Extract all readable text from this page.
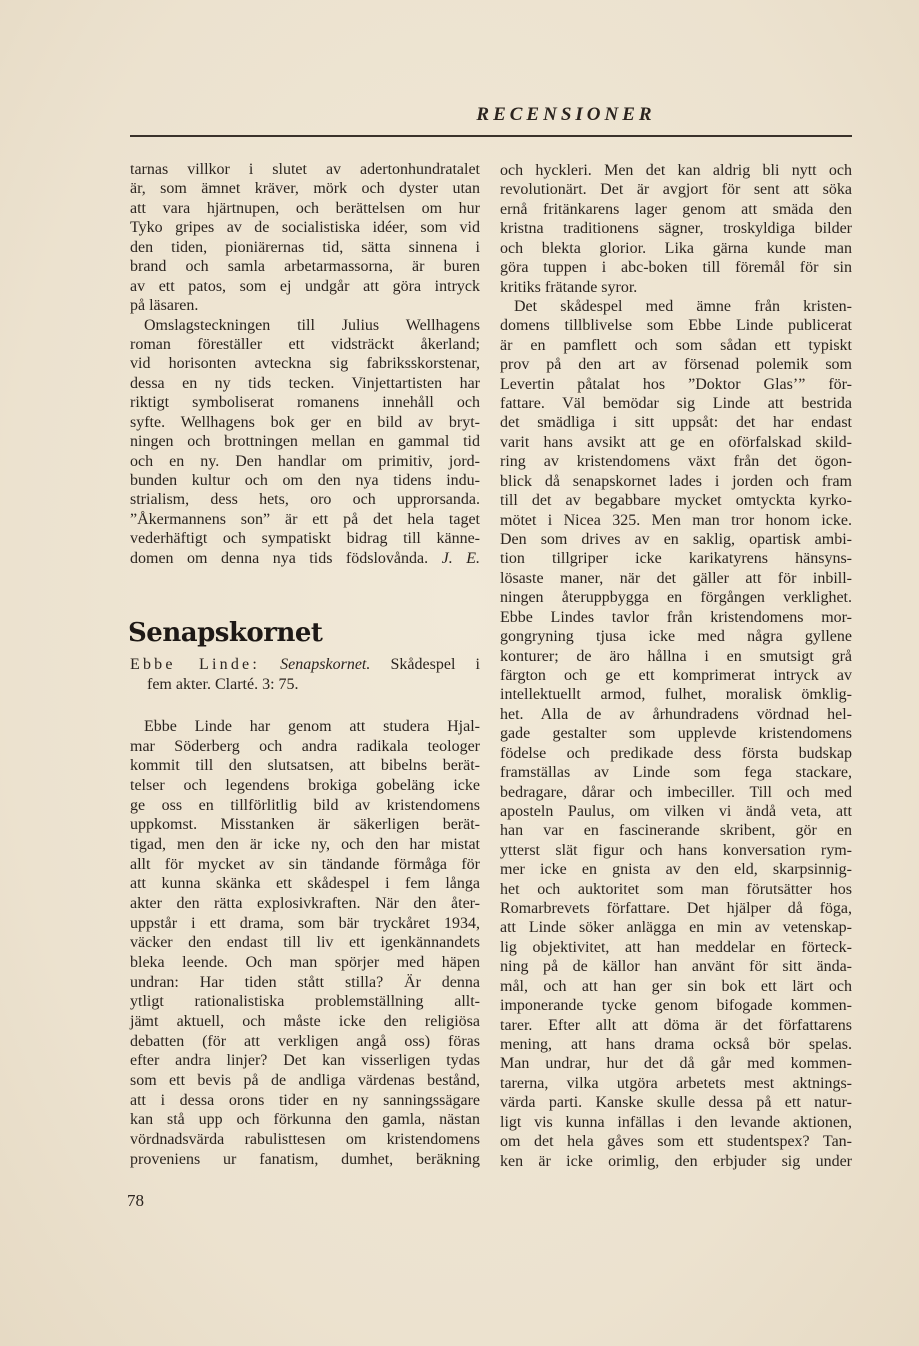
RECENSIONER
tarnas villkor i slutet av adertonhundratalet
är, som ämnet kräver, mörk och dyster utan
att vara hjärtnupen, och berättelsen om hur
Tyko gripes av de socialistiska idéer, som vid
den tiden, pioniärernas tid, sätta sinnena i
brand och samla arbetarmassorna, är buren
av ett patos, som ej undgår att göra intryck
på läsaren.
Omslagsteckningen till Julius Wellhagens
roman föreställer ett vidsträckt åkerland;
vid horisonten avteckna sig fabriksskorstenar,
dessa en ny tids tecken. Vinjettartisten har
riktigt symboliserat romanens innehåll och
syfte. Wellhagens bok ger en bild av bryt-
ningen och brottningen mellan en gammal tid
och en ny. Den handlar om primitiv, jord-
bunden kultur och om den nya tidens indu-
strialism, dess hets, oro och upprorsanda.
”Åkermannens son” är ett på det hela taget
vederhäftigt och sympatiskt bidrag till känne-
domen om denna nya tids födslovånda. J. E.
Senapskornet
Ebbe Linde: Senapskornet. Skådespel i
fem akter. Clarté. 3: 75.
Ebbe Linde har genom att studera Hjal-
mar Söderberg och andra radikala teologer
kommit till den slutsatsen, att bibelns berät-
telser och legendens brokiga gobeläng icke
ge oss en tillförlitlig bild av kristendomens
uppkomst. Misstanken är säkerligen berät-
tigad, men den är icke ny, och den har mistat
allt för mycket av sin tändande förmåga för
att kunna skänka ett skådespel i fem långa
akter den rätta explosivkraften. När den åter-
uppstår i ett drama, som bär tryckåret 1934,
väcker den endast till liv ett igenkännandets
bleka leende. Och man spörjer med häpen
undran: Har tiden stått stilla? Är denna
ytligt rationalistiska problemställning allt-
jämt aktuell, och måste icke den religiösa
debatten (för att verkligen angå oss) föras
efter andra linjer? Det kan visserligen tydas
som ett bevis på de andliga värdenas bestånd,
att i dessa orons tider en ny sanningssägare
kan stå upp och förkunna den gamla, nästan
vördnadsvärda rabulisttesen om kristendomens
proveniens ur fanatism, dumhet, beräkning
och hyckleri. Men det kan aldrig bli nytt och
revolutionärt. Det är avgjort för sent att söka
ernå fritänkarens lager genom att smäda den
kristna traditionens sägner, troskyldiga bilder
och blekta glorior. Lika gärna kunde man
göra tuppen i abc-boken till föremål för sin
kritiks frätande syror.
Det skådespel med ämne från kristen-
domens tillblivelse som Ebbe Linde publicerat
är en pamflett och som sådan ett typiskt
prov på den art av försenad polemik som
Levertin påtalat hos ”Doktor Glas’” för-
fattare. Väl bemödar sig Linde att bestrida
det smädliga i sitt uppsåt: det har endast
varit hans avsikt att ge en oförfalskad skild-
ring av kristendomens växt från det ögon-
blick då senapskornet lades i jorden och fram
till det av begabbare mycket omtyckta kyrko-
mötet i Nicea 325. Men man tror honom icke.
Den som drives av en saklig, opartisk ambi-
tion tillgriper icke karikatyrens hänsyns-
lösaste maner, när det gäller att för inbill-
ningen återuppbygga en förgången verklighet.
Ebbe Lindes tavlor från kristendomens mor-
gongryning tjusa icke med några gyllene
konturer; de äro hållna i en smutsigt grå
färgton och ge ett komprimerat intryck av
intellektuellt armod, fulhet, moralisk ömklig-
het. Alla de av århundradens vördnad hel-
gade gestalter som upplevde kristendomens
födelse och predikade dess första budskap
framställas av Linde som fega stackare,
bedragare, dårar och imbeciller. Till och med
aposteln Paulus, om vilken vi ändå veta, att
han var en fascinerande skribent, gör en
ytterst slät figur och hans konversation rym-
mer icke en gnista av den eld, skarpsinnig-
het och auktoritet som man förutsätter hos
Romarbrevets författare. Det hjälper då föga,
att Linde söker anlägga en min av vetenskap-
lig objektivitet, att han meddelar en förteck-
ning på de källor han använt för sitt ända-
mål, och att han ger sin bok ett lärt och
imponerande tycke genom bifogade kommen-
tarer. Efter allt att döma är det författarens
mening, att hans drama också bör spelas.
Man undrar, hur det då går med kommen-
tarerna, vilka utgöra arbetets mest aktnings-
värda parti. Kanske skulle dessa på ett natur-
ligt vis kunna infällas i den levande aktionen,
om det hela gåves som ett studentspex? Tan-
ken är icke orimlig, den erbjuder sig under
78
